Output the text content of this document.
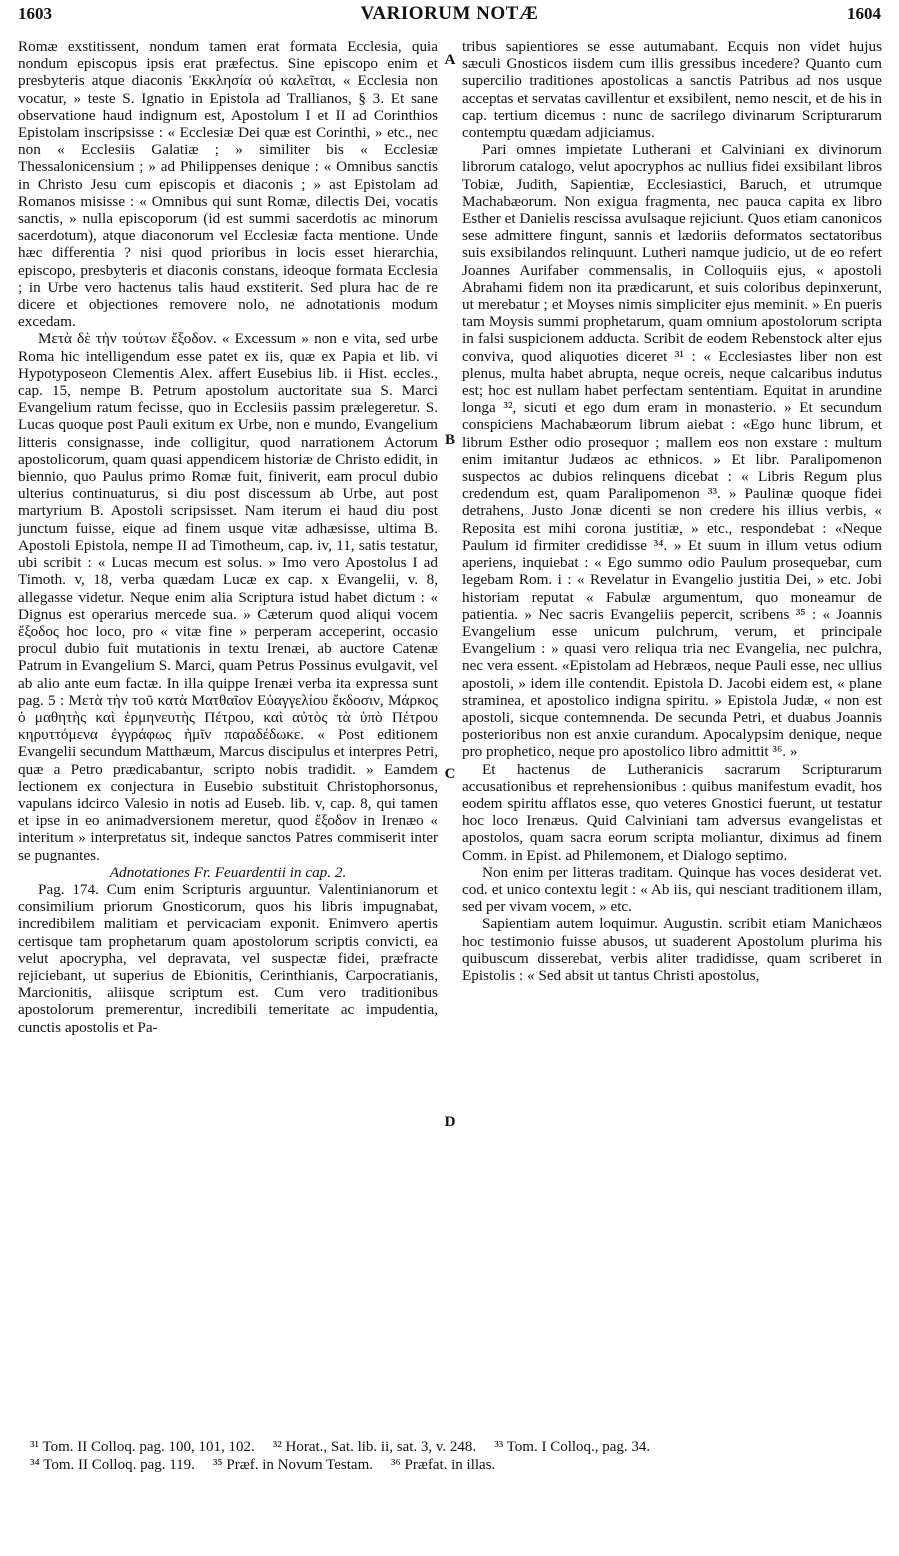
1603	VARIORUM NOTÆ	1604

Romæ exstitissent, nondum tamen erat formata Ecclesia, quia nondum episcopus ipsis erat præfectus. Sine episcopo enim et presbyteris atque diaconis Ἐκκλησία οὐ καλεῖται, « Ecclesia non vocatur, » teste S. Ignatio in Epistola ad Trallianos, § 3. Et sane observatione haud indignum est, Apostolum I et II ad Corinthios Epistolam inscripsisse : « Ecclesiæ Dei quæ est Corinthi, » etc., nec non « Ecclesiis Galatiæ ; » similiter bis « Ecclesiæ Thessalonicensium ; » ad Philippenses denique : « Omnibus sanctis in Christo Jesu cum episcopis et diaconis ; » ast Epistolam ad Romanos misisse : « Omnibus qui sunt Romæ, dilectis Dei, vocatis sanctis, » nulla episcoporum (id est summi sacerdotis ac minorum sacerdotum), atque diaconorum vel Ecclesiæ facta mentione. Unde hæc differentia ? nisi quod prioribus in locis esset hierarchia, episcopo, presbyteris et diaconis constans, ideoque formata Ecclesia ; in Urbe vero hactenus talis haud exstiterit. Sed plura hac de re dicere et objectiones removere nolo, ne adnotationis modum excedam.

Μετὰ δὲ τὴν τούτων ἔξοδον. « Excessum » non e vita, sed urbe Roma hic intelligendum esse patet ex iis, quæ ex Papia et lib. vi Hypotyposeon Clementis Alex. affert Eusebius lib. ii Hist. eccles., cap. 15, nempe B. Petrum apostolum auctoritate sua S. Marci Evangelium ratum fecisse, quo in Ecclesiis passim prælegeretur. S. Lucas quoque post Pauli exitum ex Urbe, non e mundo, Evangelium litteris consignasse, inde colligitur, quod narrationem Actorum apostolicorum, quam quasi appendicem historiæ de Christo edidit, in biennio, quo Paulus primo Romæ fuit, finiverit, eam procul dubio ulterius continuaturus, si diu post discessum ab Urbe, aut post martyrium B. Apostoli scripsisset. Nam iterum ei haud diu post junctum fuisse, eique ad finem usque vitæ adhæsisse, ultima B. Apostoli Epistola, nempe II ad Timotheum, cap. iv, 11, satis testatur, ubi scribit : « Lucas mecum est solus. » Imo vero Apostolus I ad Timoth. v, 18, verba quædam Lucæ ex cap. x Evangelii, v. 8, allegasse videtur. Neque enim alia Scriptura istud habet dictum : « Dignus est operarius mercede sua. » Cæterum quod aliqui vocem ἔξοδος hoc loco, pro « vitæ fine » perperam acceperint, occasio procul dubio fuit mutationis in textu Irenæi, ab auctore Catenæ Patrum in Evangelium S. Marci, quam Petrus Possinus evulgavit, vel ab alio ante eum factæ. In illa quippe Irenæi verba ita expressa sunt pag. 5 : Μετὰ τὴν τοῦ κατὰ Ματθαῖον Εὐαγγελίου ἔκδοσιν, Μάρκος ὁ μαθητὴς καὶ ἑρμηνευτὴς Πέτρου, καὶ αὐτὸς τὰ ὑπὸ Πέτρου κηρυττόμενα ἐγγράφως ἡμῖν παραδέδωκε. « Post editionem Evangelii secundum Matthæum, Marcus discipulus et interpres Petri, quæ a Petro prædicabantur, scripto nobis tradidit. » Eamdem lectionem ex conjectura in Eusebio substituit Christophorsonus, vapulans idcirco Valesio in notis ad Euseb. lib. v, cap. 8, qui tamen et ipse in eo animadversionem meretur, quod ἔξοδον in Irenæo « interitum » interpretatus sit, indeque sanctos Patres commiserit inter se pugnantes.

Adnotationes Fr. Feuardentii in cap. 2.

Pag. 174. Cum enim Scripturis arguuntur. Valentinianorum et consimilium priorum Gnosticorum, quos his libris impugnabat, incredibilem malitiam et pervicaciam exponit. Enimvero apertis certisque tam prophetarum quam apostolorum scriptis convicti, ea velut apocrypha, vel depravata, vel suspectæ fidei, præfracte rejiciebant, ut superius de Ebionitis, Cerinthianis, Carpocratianis, Marcionitis, aliisque scriptum est. Cum vero traditionibus apostolorum premerentur, incredibili temeritate ac impudentia, cunctis apostolis et Pa-

tribus sapientiores se esse autumabant. Ecquis non videt hujus sæculi Gnosticos iisdem cum illis gressibus incedere? Quanto cum supercilio traditiones apostolicas a sanctis Patribus ad nos usque acceptas et servatas cavillentur et exsibilent, nemo nescit, et de his in cap. tertium dicemus : nunc de sacrilego divinarum Scripturarum contemptu quædam adjiciamus.

Pari omnes impietate Lutherani et Calviniani ex divinorum librorum catalogo, velut apocryphos ac nullius fidei exsibilant libros Tobiæ, Judith, Sapientiæ, Ecclesiastici, Baruch, et utrumque Machabæorum. Non exigua fragmenta, nec pauca capita ex libro Esther et Danielis rescissa avulsaque rejiciunt. Quos etiam canonicos sese admittere fingunt, sannis et lædoriis deformatos sectatoribus suis exsibilandos relinquunt. Lutheri namque judicio, ut de eo refert Joannes Aurifaber commensalis, in Colloquiis ejus, « apostoli Abrahami fidem non ita prædicarunt, et suis coloribus depinxerunt, ut merebatur ; et Moyses nimis simpliciter ejus meminit. » En pueris tam Moysis summi prophetarum, quam omnium apostolorum scripta in falsi suspicionem adducta. Scribit de eodem Rebenstock alter ejus conviva, quod aliquoties diceret ³¹ : « Ecclesiastes liber non est plenus, multa habet abrupta, neque ocreis, neque calcaribus indutus est; hoc est nullam habet perfectam sententiam. Equitat in arundine longa ³², sicuti et ego dum eram in monasterio. » Et secundum conspiciens Machabæorum librum aiebat : «Ego hunc librum, et librum Esther odio prosequor ; mallem eos non exstare : multum enim imitantur Judæos ac ethnicos. » Et libr. Paralipomenon suspectos ac dubios relinquens dicebat : « Libris Regum plus credendum est, quam Paralipomenon ³³. » Paulinæ quoque fidei detrahens, Justo Jonæ dicenti se non credere his illius verbis, « Reposita est mihi corona justitiæ, » etc., respondebat : «Neque Paulum id firmiter credidisse ³⁴. » Et suum in illum vetus odium aperiens, inquiebat : « Ego summo odio Paulum prosequebar, cum legebam Rom. i : « Revelatur in Evangelio justitia Dei, » etc. Jobi historiam reputat « Fabulæ argumentum, quo moneamur de patientia. » Nec sacris Evangeliis pepercit, scribens ³⁵ : « Joannis Evangelium esse unicum pulchrum, verum, et principale Evangelium : » quasi vero reliqua tria nec Evangelia, nec pulchra, nec vera essent. «Epistolam ad Hebræos, neque Pauli esse, nec ullius apostoli, » idem ille contendit. Epistola D. Jacobi eidem est, « plane straminea, et apostolico indigna spiritu. » Epistola Judæ, « non est apostoli, sicque contemnenda. De secunda Petri, et duabus Joannis posterioribus non est anxie curandum. Apocalypsim denique, neque pro prophetico, neque pro apostolico libro admittit ³⁶. »

Et hactenus de Lutheranicis sacrarum Scripturarum accusationibus et reprehensionibus : quibus manifestum evadit, hos eodem spiritu afflatos esse, quo veteres Gnostici fuerunt, ut testatur hoc loco Irenæus. Quid Calviniani tam adversus evangelistas et apostolos, quam sacra eorum scripta moliantur, diximus ad finem Comm. in Epist. ad Philemonem, et Dialogo septimo.

Non enim per litteras traditam. Quinque has voces desiderat vet. cod. et unico contextu legit : « Ab iis, qui nesciant traditionem illam, sed per vivam vocem, » etc.

Sapientiam autem loquimur. Augustin. scribit etiam Manichæos hoc testimonio fuisse abusos, ut suaderent Apostolum plurima his quibuscum disserebat, verbis aliter tradidisse, quam scriberet in Epistolis : « Sed absit ut tantus Christi apostolus,

A
B
C
D
³¹ Tom. II Colloq. pag. 100, 101, 102. ³² Horat., Sat. lib. ii, sat. 3, v. 248. ³³ Tom. I Colloq., pag. 34.
³⁴ Tom. II Colloq. pag. 119. ³⁵ Præf. in Novum Testam. ³⁶ Præfat. in illas.
